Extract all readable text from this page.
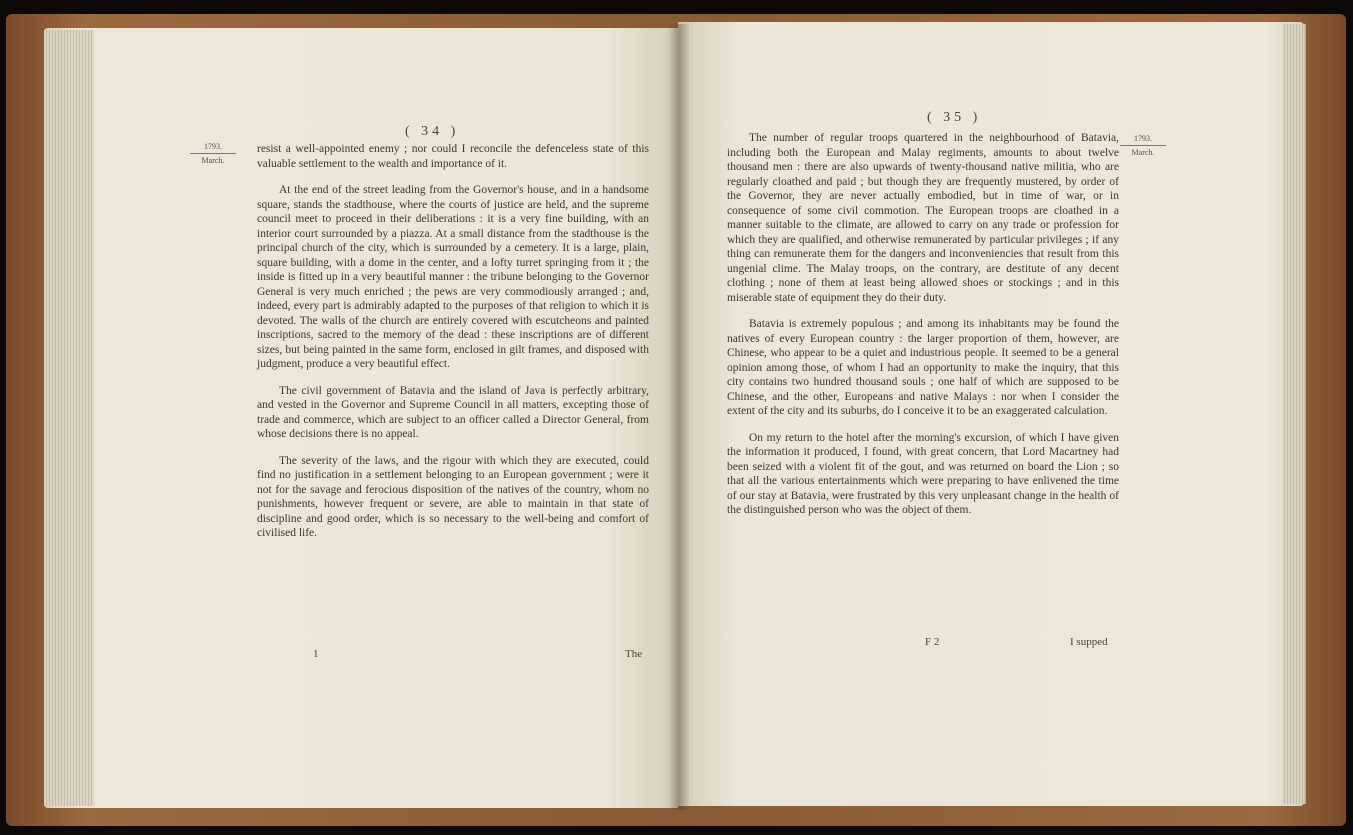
( 34 )
1793.
March.

resist a well-appointed enemy ; nor could I reconcile the defenceless state of this valuable settlement to the wealth and importance of it.

At the end of the street leading from the Governor's house, and in a handsome square, stands the stadthouse, where the courts of justice are held, and the supreme council meet to proceed in their deliberations : it is a very fine building, with an interior court surrounded by a piazza. At a small distance from the stadthouse is the principal church of the city, which is surrounded by a cemetery. It is a large, plain, square building, with a dome in the center, and a lofty turret springing from it ; the inside is fitted up in a very beautiful manner : the tribune belonging to the Governor General is very much enriched ; the pews are very commodiously arranged ; and, indeed, every part is admirably adapted to the purposes of that religion to which it is devoted. The walls of the church are entirely covered with escutcheons and painted inscriptions, sacred to the memory of the dead : these inscriptions are of different sizes, but being painted in the same form, enclosed in gilt frames, and disposed with judgment, produce a very beautiful effect.

The civil government of Batavia and the island of Java is perfectly arbitrary, and vested in the Governor and Supreme Council in all matters, excepting those of trade and commerce, which are subject to an officer called a Director General, from whose decisions there is no appeal.

The severity of the laws, and the rigour with which they are executed, could find no justification in a settlement belonging to an European government ; were it not for the savage and ferocious disposition of the natives of the country, whom no punishments, however frequent or severe, are able to maintain in that state of discipline and good order, which is so necessary to the well-being and comfort of civilised life.

1	The
( 35 )
1793.
March.

The number of regular troops quartered in the neighbourhood of Batavia, including both the European and Malay regiments, amounts to about twelve thousand men : there are also upwards of twenty-thousand native militia, who are regularly cloathed and paid ; but though they are frequently mustered, by order of the Governor, they are never actually embodied, but in time of war, or in consequence of some civil commotion. The European troops are cloathed in a manner suitable to the climate, are allowed to carry on any trade or profession for which they are qualified, and otherwise remunerated by particular privileges ; if any thing can remunerate them for the dangers and inconveniencies that result from this ungenial clime. The Malay troops, on the contrary, are destitute of any decent clothing ; none of them at least being allowed shoes or stockings ; and in this miserable state of equipment they do their duty.

Batavia is extremely populous ; and among its inhabitants may be found the natives of every European country : the larger proportion of them, however, are Chinese, who appear to be a quiet and industrious people. It seemed to be a general opinion among those, of whom I had an opportunity to make the inquiry, that this city contains two hundred thousand souls ; one half of which are supposed to be Chinese, and the other, Europeans and native Malays : nor when I consider the extent of the city and its suburbs, do I conceive it to be an exaggerated calculation.

On my return to the hotel after the morning's excursion, of which I have given the information it produced, I found, with great concern, that Lord Macartney had been seized with a violent fit of the gout, and was returned on board the Lion ; so that all the various entertainments which were preparing to have enlivened the time of our stay at Batavia, were frustrated by this very unpleasant change in the health of the distinguished person who was the object of them.

F 2	I supped
